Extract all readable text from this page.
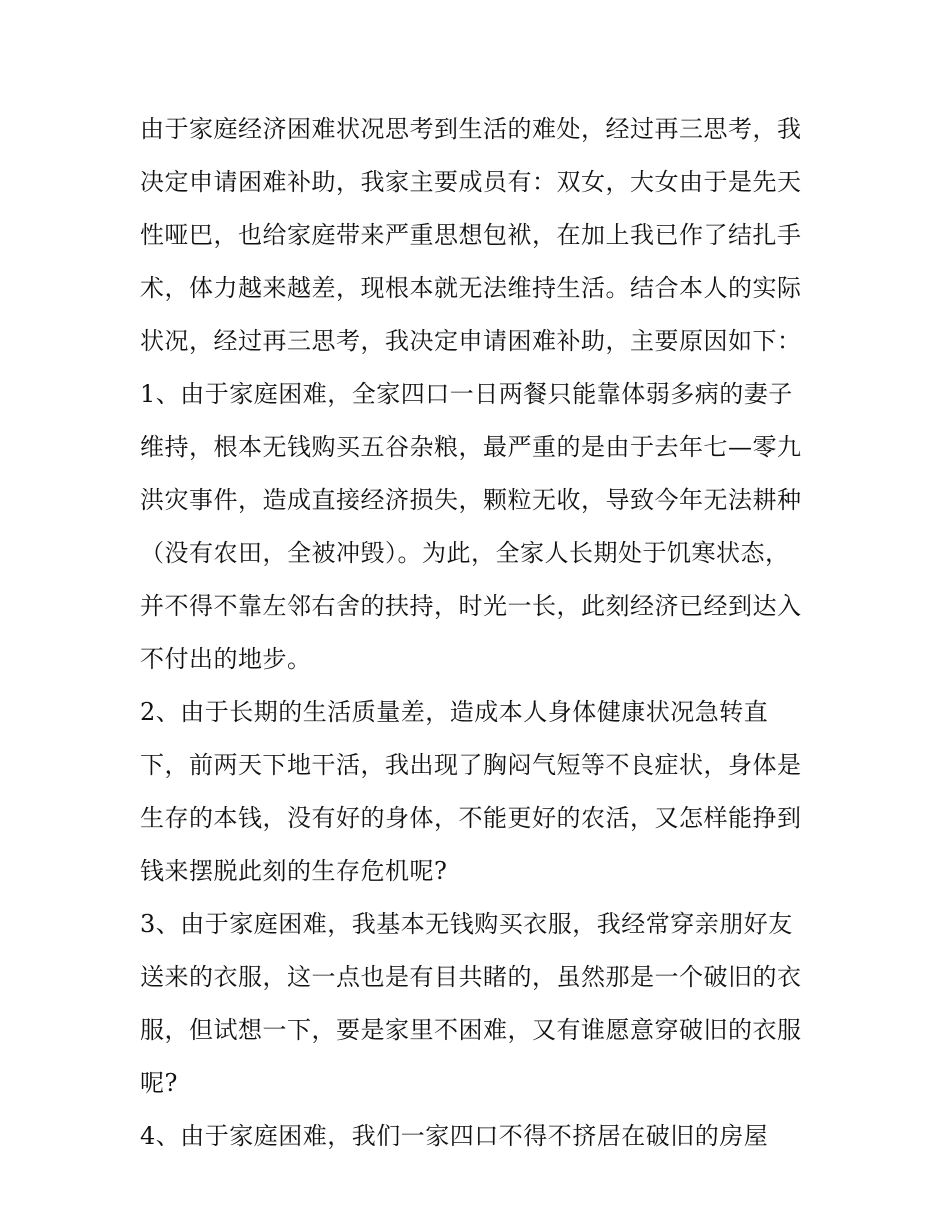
由于家庭经济困难状况思考到生活的难处，经过再三思考，我
决定申请困难补助，我家主要成员有：双女，大女由于是先天
性哑巴，也给家庭带来严重思想包袱，在加上我已作了结扎手
术，体力越来越差，现根本就无法维持生活。结合本人的实际
状况，经过再三思考，我决定申请困难补助，主要原因如下：
1、由于家庭困难，全家四口一日两餐只能靠体弱多病的妻子
维持，根本无钱购买五谷杂粮，最严重的是由于去年七—零九
洪灾事件，造成直接经济损失，颗粒无收，导致今年无法耕种
（没有农田，全被冲毁）。为此，全家人长期处于饥寒状态，
并不得不靠左邻右舍的扶持，时光一长，此刻经济已经到达入
不付出的地步。
2、由于长期的生活质量差，造成本人身体健康状况急转直
下，前两天下地干活，我出现了胸闷气短等不良症状，身体是
生存的本钱，没有好的身体，不能更好的农活，又怎样能挣到
钱来摆脱此刻的生存危机呢?
3、由于家庭困难，我基本无钱购买衣服，我经常穿亲朋好友
送来的衣服，这一点也是有目共睹的，虽然那是一个破旧的衣
服，但试想一下，要是家里不困难，又有谁愿意穿破旧的衣服
呢?
4、由于家庭困难，我们一家四口不得不挤居在破旧的房屋
